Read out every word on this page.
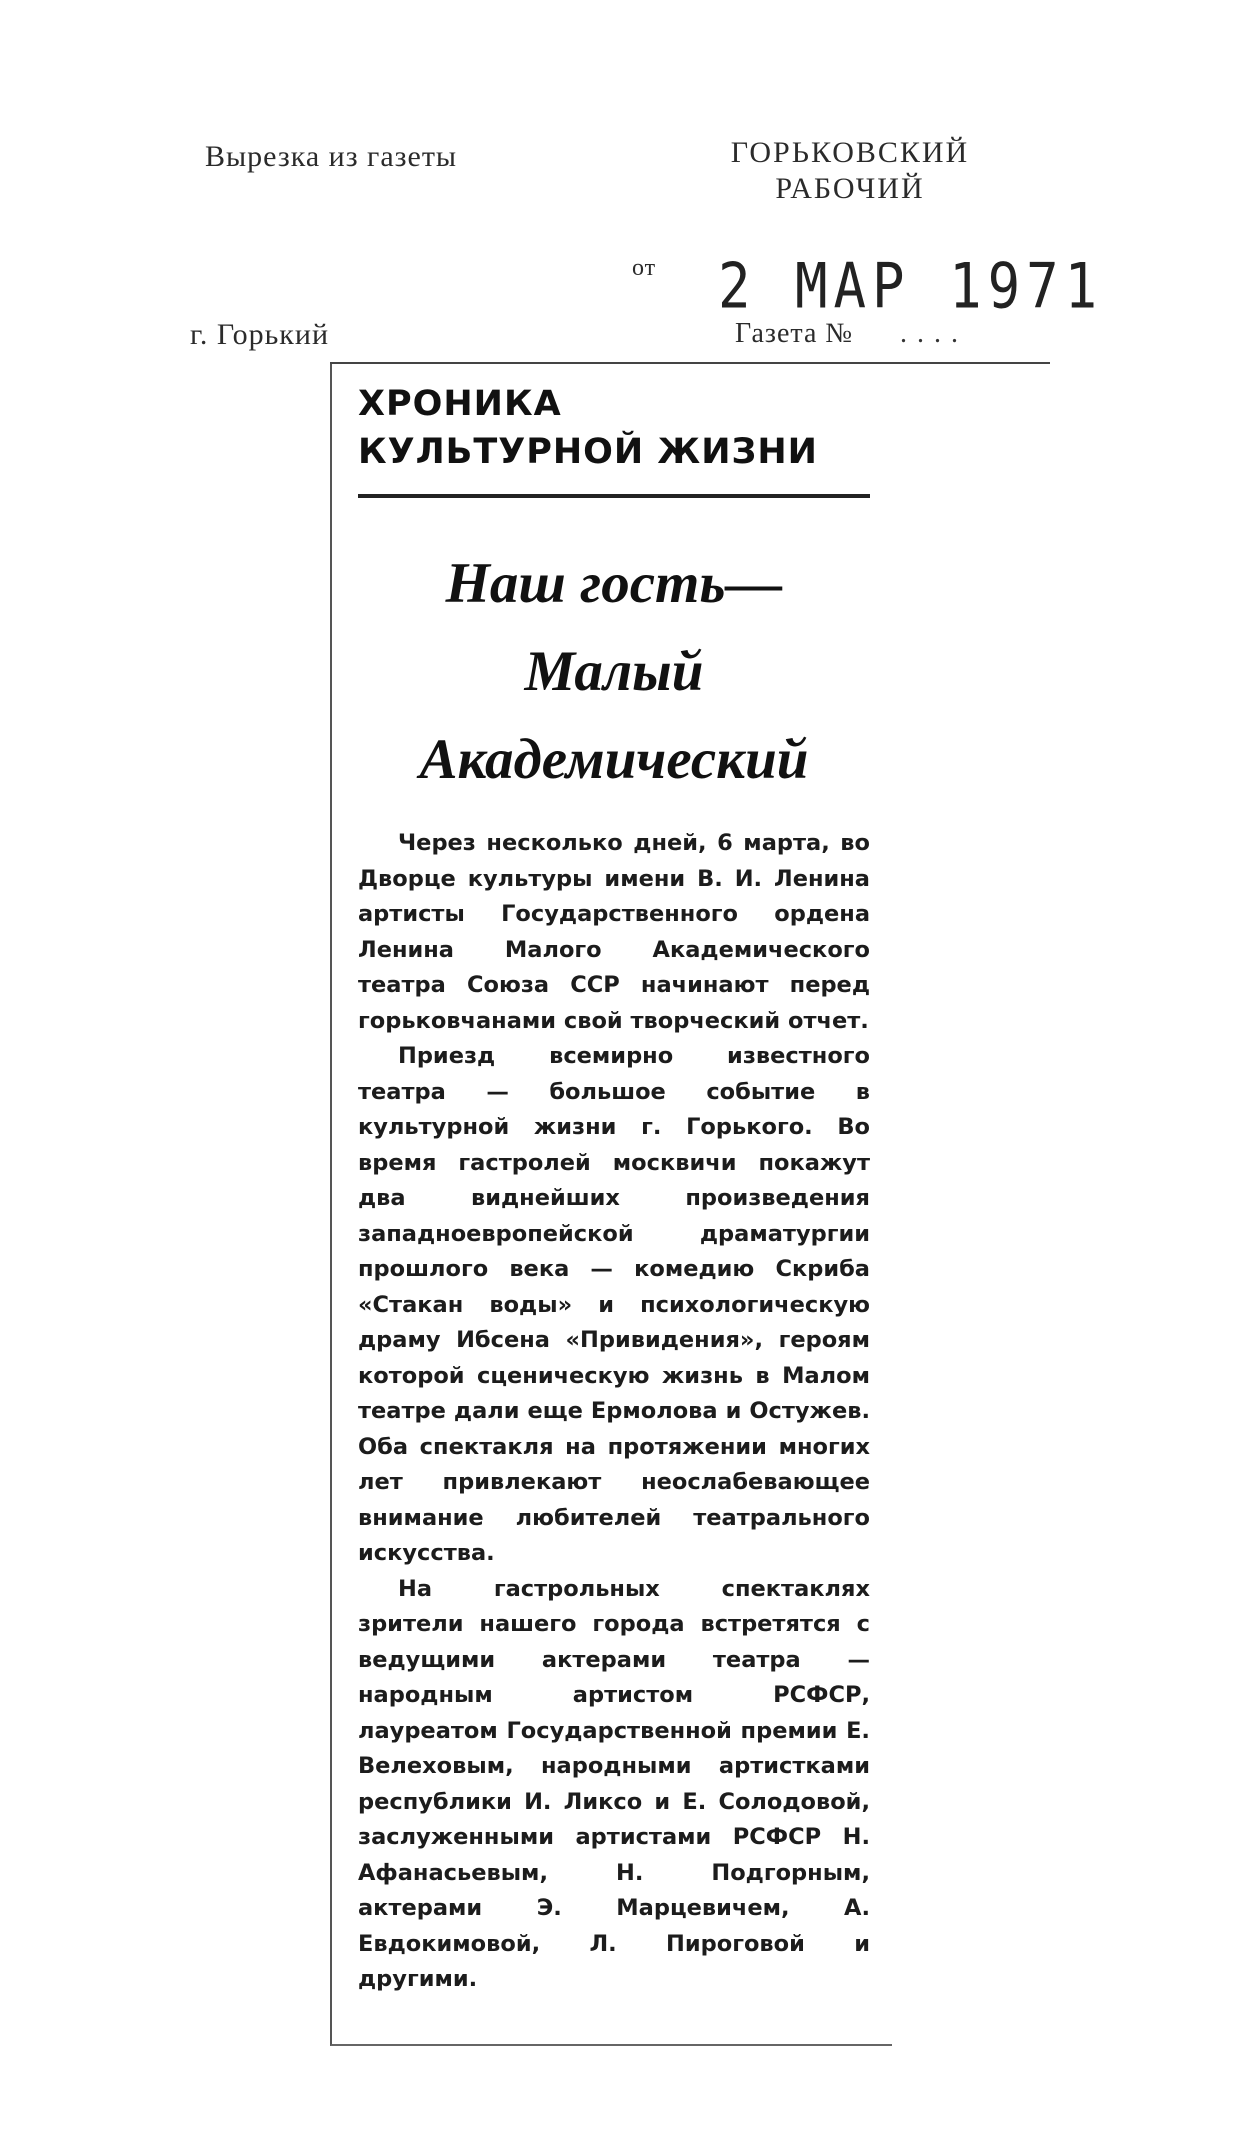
Вырезка из газеты	ГОРЬКОВСКИЙ
РАБОЧИЙ
от 2 МАР 1971
г. Горький	Газета № ....
ХРОНИКА
КУЛЬТУРНОЙ ЖИЗНИ
Наш гость—Малый
Академический

Через несколько дней, 6 марта, во Дворце культуры имени В. И. Ленина артисты Государственного ордена Ленина Малого Академического театра Союза ССР начинают перед горьковчанами свой творческий отчет.

Приезд всемирно известного театра — большое событие в культурной жизни г. Горького. Во время гастролей москвичи покажут два виднейших произведения западноевропейской драматургии прошлого века — комедию Скриба «Стакан воды» и психологическую драму Ибсена «Привидения», героям которой сценическую жизнь в Малом театре дали еще Ермолова и Остужев. Оба спектакля на протяжении многих лет привлекают неослабевающее внимание любителей театрального искусства.

На гастрольных спектаклях зрители нашего города встретятся с ведущими актерами театра — народным артистом РСФСР, лауреатом Государственной премии Е. Велеховым, народными артистками республики И. Ликсо и Е. Солодовой, заслуженными артистами РСФСР Н. Афанасьевым, Н. Подгорным, актерами Э. Марцевичем, А. Евдокимовой, Л. Пироговой и другими.
